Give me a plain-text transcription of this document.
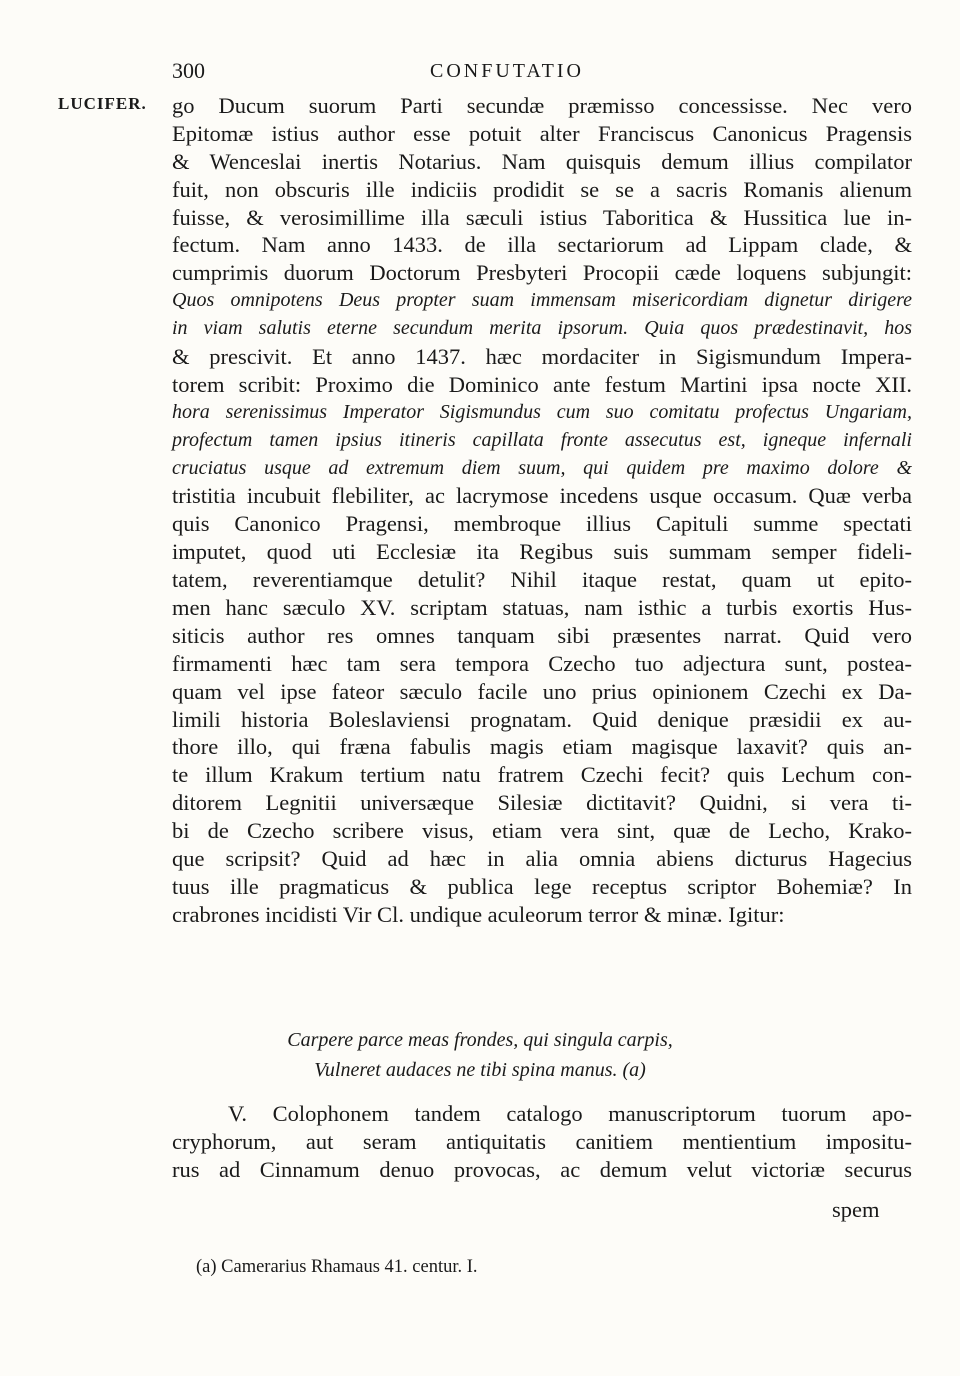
300	CONFUTATIO
LUCIFER. go Ducum suorum Parti secundæ præmisso concessisse. Nec vero
Epitomæ istius author esse potuit alter Franciscus Canonicus Pragensis
& Wenceslai inertis Notarius. Nam quisquis demum illius compilator
fuit, non obscuris ille indiciis prodidit se se a sacris Romanis alienum
fuisse, & verosimillime illa sæculi istius Taboritica & Hussitica lue in-
fectum. Nam anno 1433. de illa sectariorum ad Lippam clade, &
cumprimis duorum Doctorum Presbyteri Procopii cæde loquens subjungit:
Quos omnipotens Deus propter suam immensam misericordiam dignetur dirigere
in viam salutis eterne secundum merita ipsorum. Quia quos prædestinavit, hos
& prescivit. Et anno 1437. hæc mordaciter in Sigismundum Impera-
torem scribit: Proximo die Dominico ante festum Martini ipsa nocte XII.
hora serenissimus Imperator Sigismundus cum suo comitatu profectus Ungariam,
profectum tamen ipsius itineris capillata fronte assecutus est, igneque infernali
cruciatus usque ad extremum diem suum, qui quidem pre maximo dolore &
tristitia incubuit flebiliter, ac lacrymose incedens usque occasum. Quæ verba
quis Canonico Pragensi, membroque illius Capituli summe spectati
imputet, quod uti Ecclesiæ ita Regibus suis summam semper fideli-
tatem, reverentiamque detulit? Nihil itaque restat, quam ut epito-
men hanc sæculo XV. scriptam statuas, nam isthic a turbis exortis Hus-
siticis author res omnes tanquam sibi præsentes narrat. Quid vero
firmamenti hæc tam sera tempora Czecho tuo adjectura sunt, postea-
quam vel ipse fateor sæculo facile uno prius opinionem Czechi ex Da-
limili historia Boleslaviensi prognatam. Quid denique præsidii ex au-
thore illo, qui fræna fabulis magis etiam magisque laxavit? quis an-
te illum Krakum tertium natu fratrem Czechi fecit? quis Lechum con-
ditorem Legnitii universæque Silesiæ dictitavit? Quidni, si vera ti-
bi de Czecho scribere visus, etiam vera sint, quæ de Lecho, Krako-
que scripsit? Quid ad hæc in alia omnia abiens dicturus Hagecius
tuus ille pragmaticus & publica lege receptus scriptor Bohemiæ? In
crabrones incidisti Vir Cl. undique aculeorum terror & minæ. Igitur:
Carpere parce meas frondes, qui singula carpis,
Vulneret audaces ne tibi spina manus. (a)
V. Colophonem tandem catalogo manuscriptorum tuorum apo-
cryphorum, aut seram antiquitatis canitiem mentientium impositu-
rus ad Cinnamum denuo provocas, ac demum velut victoriæ securus
spem
(a) Camerarius Rhamaus 41. centur. I.
